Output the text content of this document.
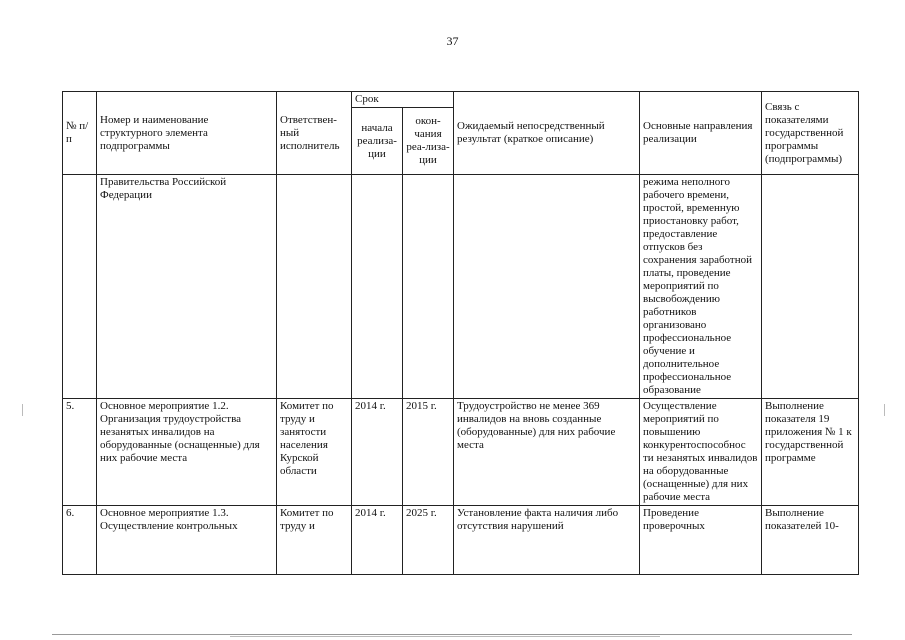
37
№ п/п	Номер и наименование структурного элемента подпрограммы	Ответствен-ный исполнитель	Срок		Ожидаемый непосредственный результат (краткое описание)	Основные направления реализации	Связь с показателями государственной программы (подпрограммы)
			начала реализа-ции	окон-чания реа-лиза-ции			
	Правительства Российской Федерации					режима неполного рабочего времени, простой, временную приостановку работ, предоставление отпусков без сохранения заработной платы, проведение мероприятий по высвобождению работников организовано профессиональное обучение и дополнительное профессиональное образование	
5.	Основное мероприятие 1.2. Организация трудоустройства незанятых инвалидов на оборудованные (оснащенные) для них рабочие места	Комитет по труду и занятости населения Курской области	2014 г.	2015 г.	Трудоустройство не менее 369 инвалидов на вновь созданные (оборудованные) для них рабочие места	Осуществление мероприятий по повышению конкурентоспособнос ти незанятых инвалидов на оборудованные (оснащенные) для них рабочие места	Выполнение показателя 19 приложения № 1 к государственной программе

6.	Основное мероприятие 1.3. Осуществление контрольных	Комитет по труду и	2014 г.	2025 г.	Установление факта наличия либо отсутствия нарушений	Проведение проверочных	Выполнение показателей 10-
